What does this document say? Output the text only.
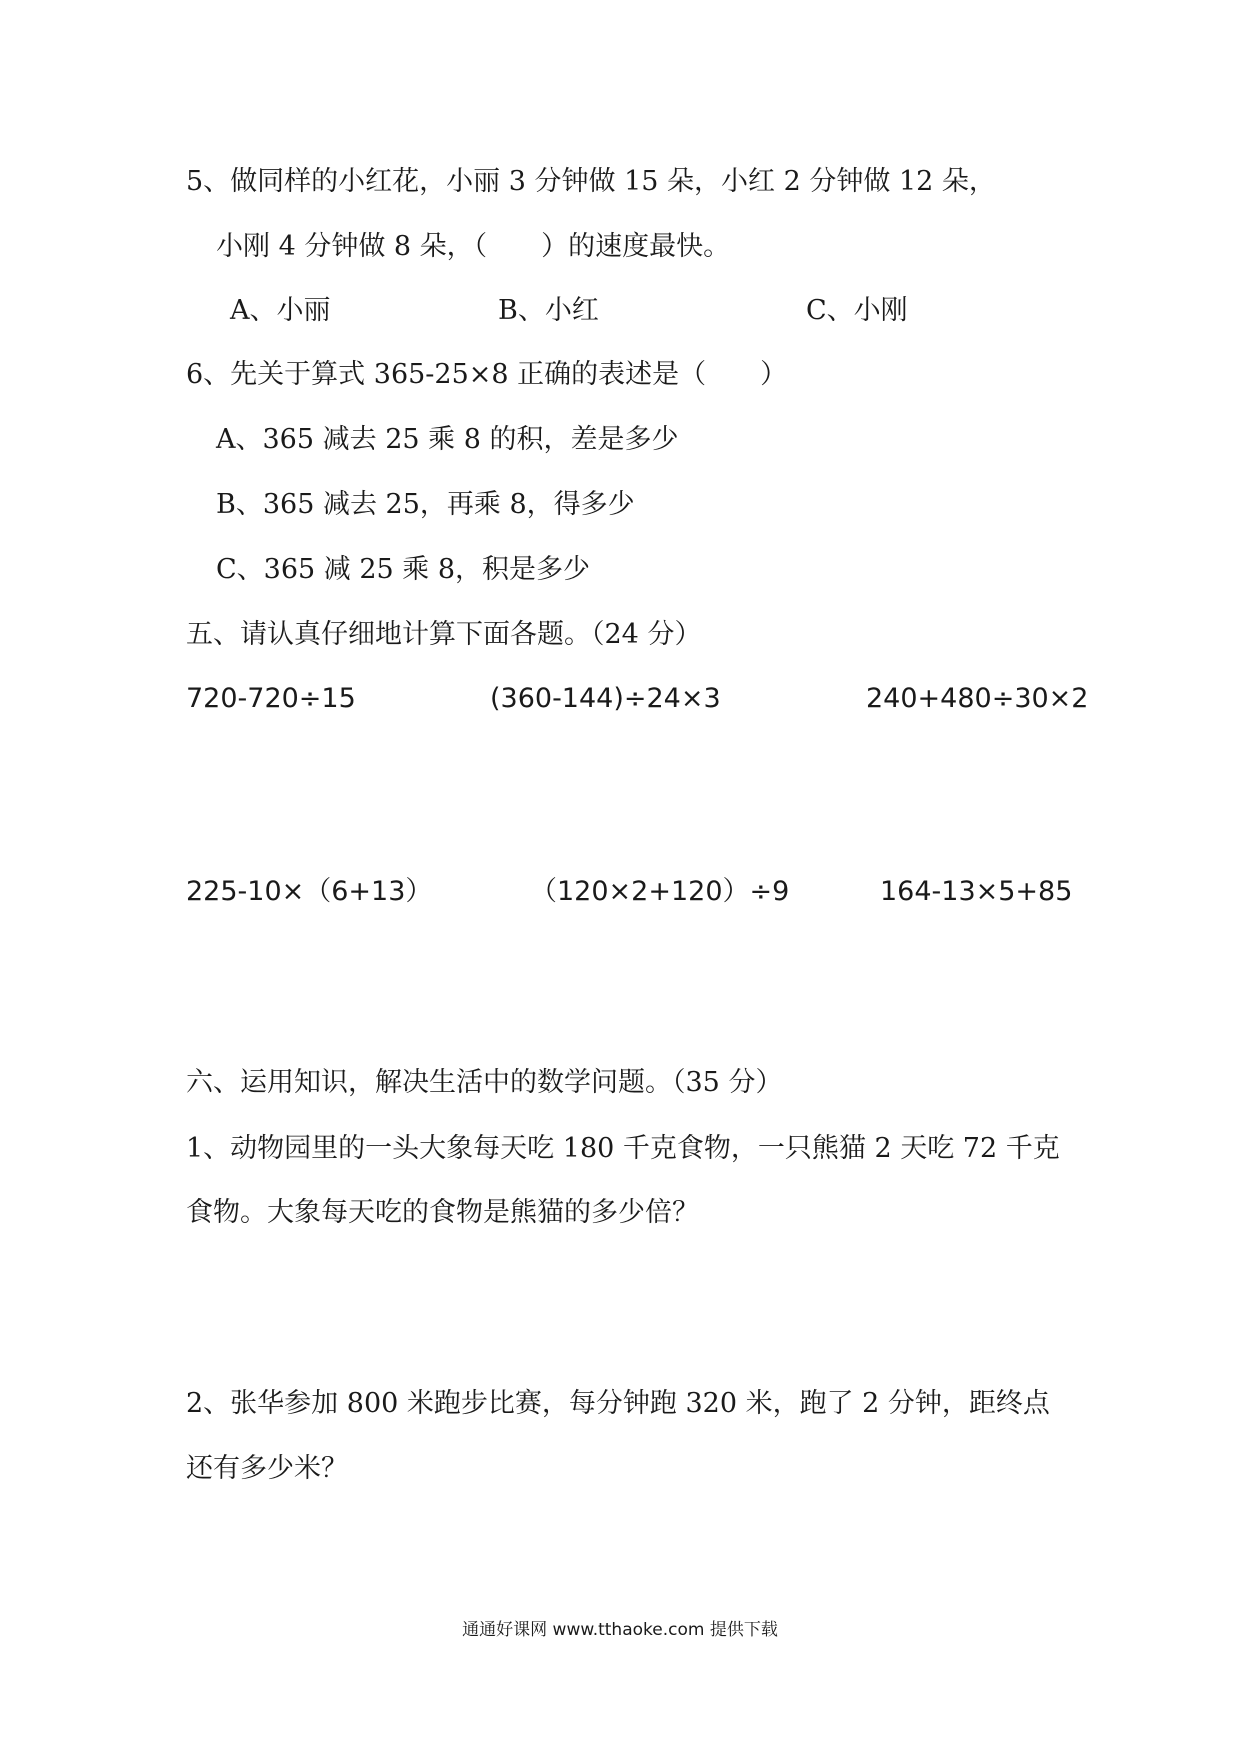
5、做同样的小红花，小丽 3 分钟做 15 朵，小红 2 分钟做 12 朵，
小刚 4 分钟做 8 朵，（　　）的速度最快。
A、小丽	B、小红	C、小刚
6、先关于算式 365-25×8 正确的表述是（　　）
A、365 减去 25 乘 8 的积，差是多少
B、365 减去 25，再乘 8，得多少
C、365 减 25 乘 8，积是多少
五、请认真仔细地计算下面各题。（24 分）
720-720÷15	(360-144)÷24×3	240+480÷30×2
225-10×（6+13）	（120×2+120）÷9	164-13×5+85
六、运用知识，解决生活中的数学问题。（35 分）
1、动物园里的一头大象每天吃 180 千克食物，一只熊猫 2 天吃 72 千克
食物。大象每天吃的食物是熊猫的多少倍？
2、张华参加 800 米跑步比赛，每分钟跑 320 米，跑了 2 分钟，距终点
还有多少米？
通通好课网 www.tthaoke.com 提供下载
